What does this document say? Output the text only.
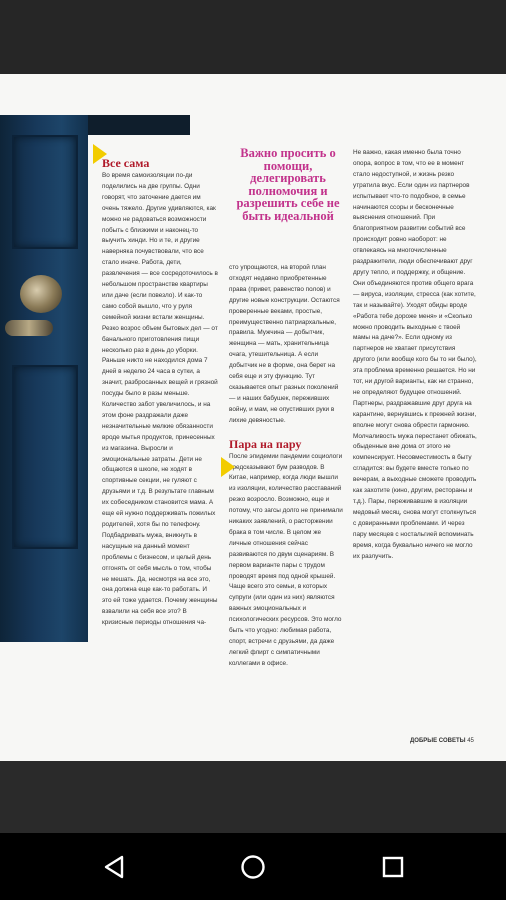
Все сама

Во время самоизоляции по-ди поделились на две группы. Одни говорят, что заточение дается им очень тяжело. Другие удивляются, как можно не радоваться возможности побыть с близкими и наконец-то выучить хинди. Но и те, и другие наверняка почувствовали, что все стало иначе. Работа, дети, развлечения — все сосредоточилось в небольшом пространстве квартиры или даче (если повезло). И как-то само собой вышло, что у руля семейной жизни встали женщины. Резко возрос объем бытовых дел — от банального приготовления пищи несколько раз в день до уборки. Раньше никто не находился дома 7 дней в неделю 24 часа в сутки, а значит, разбросанных вещей и грязной посуды было в разы меньше. Количество забот увеличилось, и на этом фоне раздражали даже незначительные мелкие обязанности вроде мытья продуктов, принесенных из магазина. Выросли и эмоциональные затраты. Дети не общаются в школе, не ходят в спортивные секции, не гуляют с друзьями и т.д. В результате главным их собеседником становится мама. А еще ей нужно поддерживать пожилых родителей, хотя бы по телефону. Подбадривать мужа, вникнуть в насущные на данный момент проблемы с бизнесом, и целый день отгонять от себя мысль о том, чтобы не мешать. Да, несмотря на все это, она должна еще как-то работать. И это ей тоже удается. Почему женщины взвалили на себя все это? В кризисные периоды отношения ча-

Важно просить о помощи, делегировать полномочия и разрешить себе не быть идеальной

сто упрощаются, на второй план отходят недавно приобретенные права (привет, равенство полов) и другие новые конструкции. Остаются проверенные веками, простые, преимущественно патриархальные, правила. Мужчина — добытчик, женщина — мать, хранительница очага, утешительница. А если добытчик не в форме, она берет на себя еще и эту функцию. Тут сказывается опыт разных поколений — и наших бабушек, переживших войну, и мам, не опустивших руки в лихие девяностые.

Пара на пару

После эпидемии пандемии социологи предсказывают бум разводов. В Китае, например, когда люди вышли из изоляции, количество расставаний резко возросло. Возможно, еще и потому, что загсы долго не принимали никаких заявлений, о расторжении брака в том числе. В целом же личные отношения сейчас развиваются по двум сценариям. В первом варианте пары с трудом проводят время под одной крышей. Чаще всего это семьи, в которых супруги (или один из них) являются важных эмоциональных и психологических ресурсов. Это могло быть что угодно: любимая работа, спорт, встречи с друзьями, да даже легкий флирт с симпатичными коллегами в офисе.

Не важно, какая именно была точно опора, вопрос в том, что ее в момент стало недоступной, и жизнь резко утратила вкус. Если один из партнеров испытывает что-то подобное, в семье начинаются ссоры и бесконечные выяснения отношений. При благоприятном развитии событий все происходит ровно наоборот: не отвлекаясь на многочисленные раздражители, люди обеспечивают друг другу тепло, и поддержку, и общение. Они объединяются против общего врага — вируса, изоляции, стресса (как хотите, так и называйте). Уходят обиды вроде «Работа тебе дороже меня» и «Сколько можно проводить выходные с твоей мамы на даче?». Если одному из партнеров не хватает присутствия другого (или вообще кого бы то ни было), эта проблема временно решается. Но ни тот, ни другой варианты, как ни странно, не определяют будущее отношений. Партнеры, раздражавшие друг друга на карантине, вернувшись к прежней жизни, вполне могут снова обрести гармонию. Молчаливость мужа перестанет обижать, обыденные вне дома от этого не компенсирует. Несовместимость в быту сгладится: вы будете вместе только по вечерам, а выходные сможете проводить как захотите (кино, другим, рестораны и т.д.). Пары, переживавшие в изоляции медовый месяц, снова могут столкнуться с довиранными проблемами. И через пару месяцев с ностальгией вспоминать время, когда буквально ничего не могло их разлучить.

ДОБРЫЕ СОВЕТЫ 45
